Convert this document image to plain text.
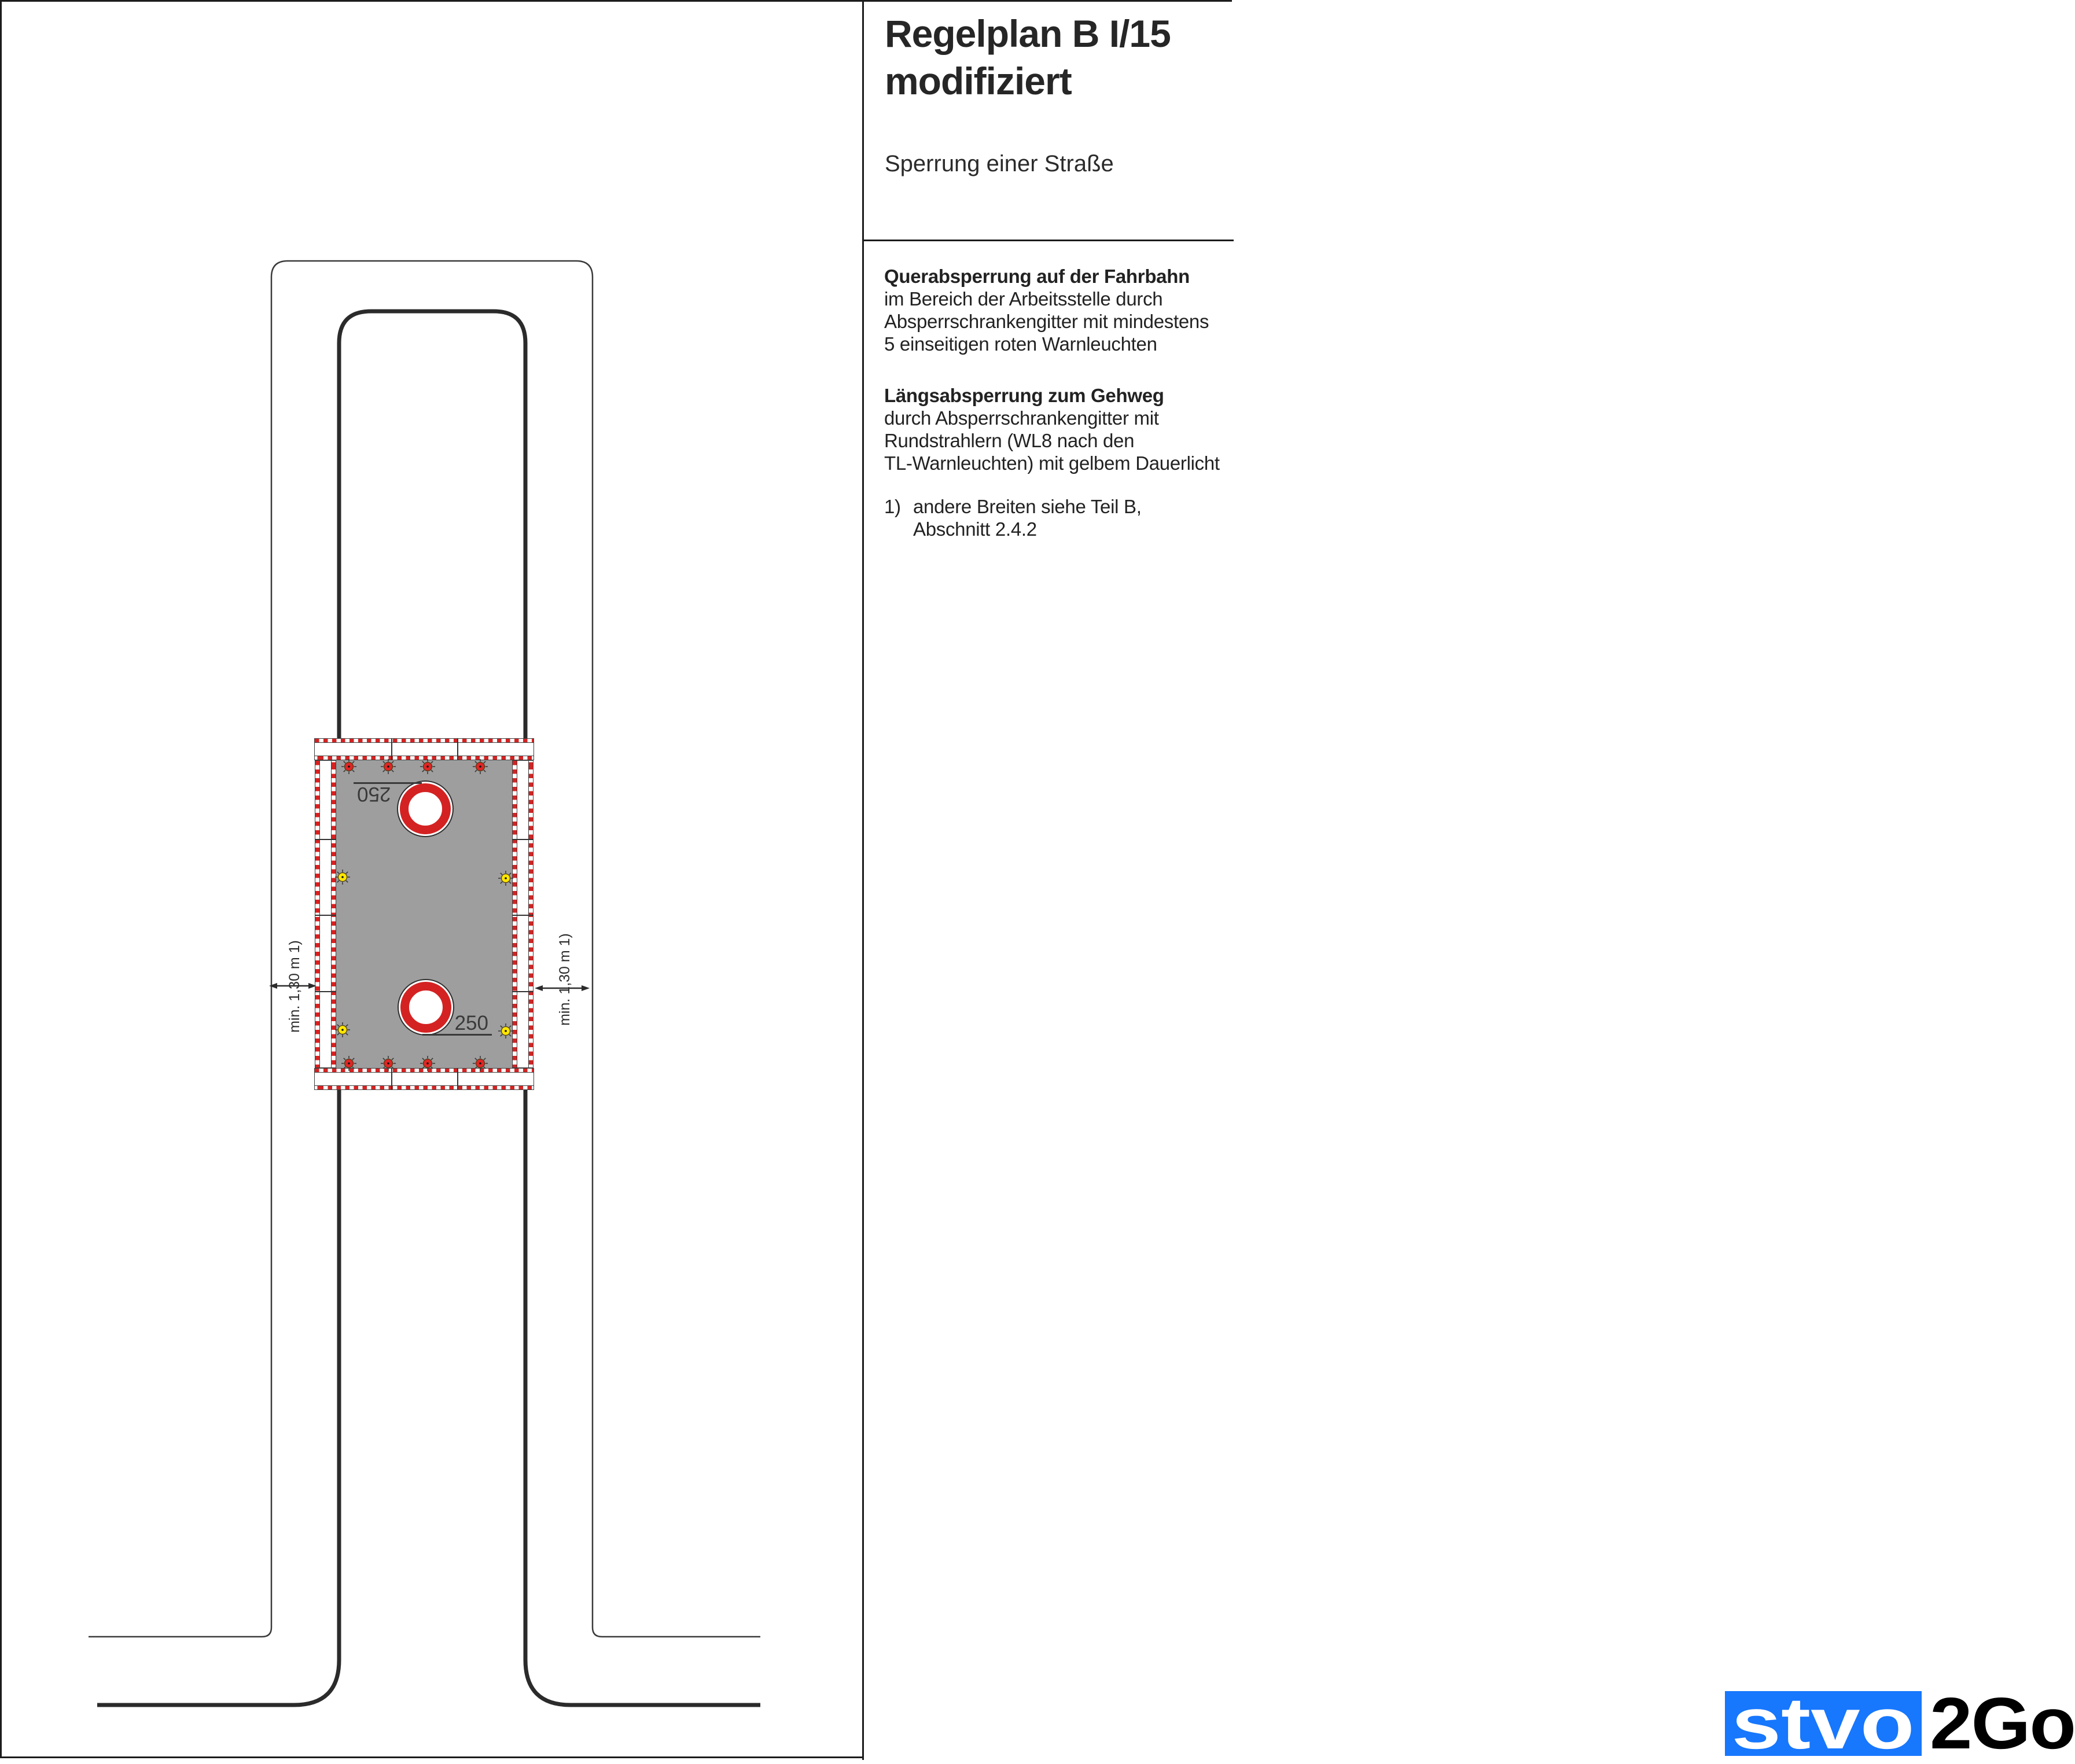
250
250
min. 1,30 m 1)	min. 1,30 m 1)
Regelplan B I/15
modifiziert
Sperrung einer Straße
Querabsperrung auf der Fahrbahn
im Bereich der Arbeitsstelle durch
Absperrschrankengitter mit mindestens
5 einseitigen roten Warnleuchten
Längsabsperrung zum Gehweg
durch Absperrschrankengitter mit
Rundstrahlern (WL8 nach den
TL-Warnleuchten) mit gelbem Dauerlicht
1) andere Breiten siehe Teil B,
Abschnitt 2.4.2
stvo 2Go
